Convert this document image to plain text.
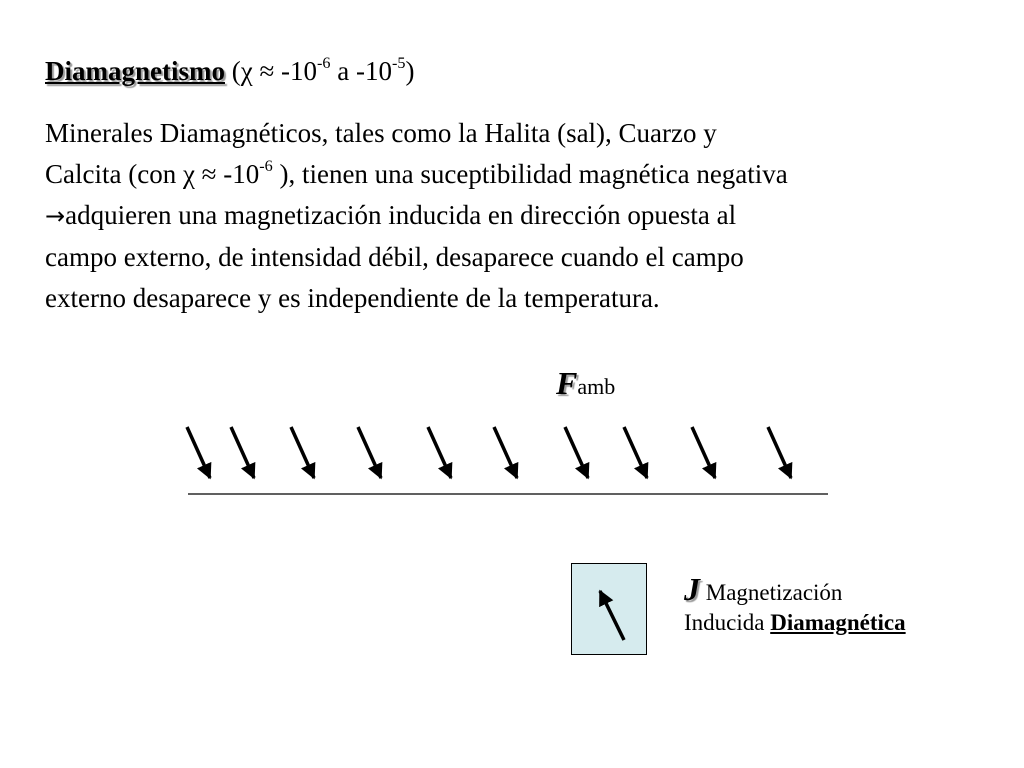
Diamagnetismo ($\chi \approx -10^{-6}$ a $-10^{-5}$)

Minerales Diamagnéticos, tales como la Halita (sal), Cuarzo y

Calcita (con $\chi \approx -10^{-6}$ ), tienen una suceptibilidad magnética negativa

→adquieren una magnetización inducida en dirección opuesta al

campo externo, de intensidad débil, desaparece cuando el campo

externo desaparece y es independiente de la temperatura.

Famb
J Magnetización
Inducida Diamagnética
